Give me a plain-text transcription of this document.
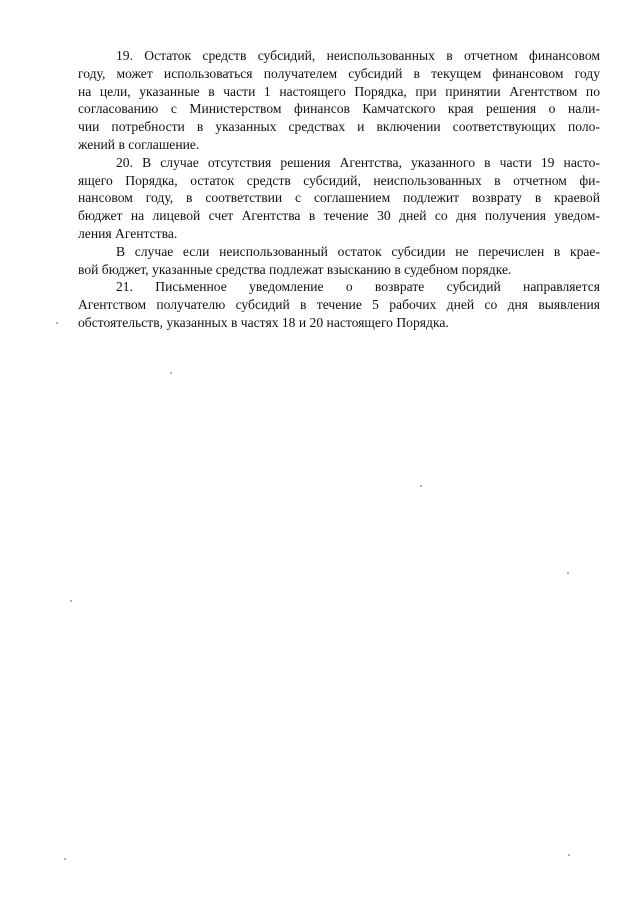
19. Остаток средств субсидий, неиспользованных в отчетном финансовом
году, может использоваться получателем субсидий в текущем финансовом году
на цели, указанные в части 1 настоящего Порядка, при принятии Агентством по
согласованию с Министерством финансов Камчатского края решения о нали-
чии потребности в указанных средствах и включении соответствующих поло-
жений в соглашение.
20. В случае отсутствия решения Агентства, указанного в части 19 насто-
ящего Порядка, остаток средств субсидий, неиспользованных в отчетном фи-
нансовом году, в соответствии с соглашением подлежит возврату в краевой
бюджет на лицевой счет Агентства в течение 30 дней со дня получения уведом-
ления Агентства.
В случае если неиспользованный остаток субсидии не перечислен в крае-
вой бюджет, указанные средства подлежат взысканию в судебном порядке.
21. Письменное уведомление о возврате субсидий направляется
Агентством получателю субсидий в течение 5 рабочих дней со дня выявления
обстоятельств, указанных в частях 18 и 20 настоящего Порядка.
